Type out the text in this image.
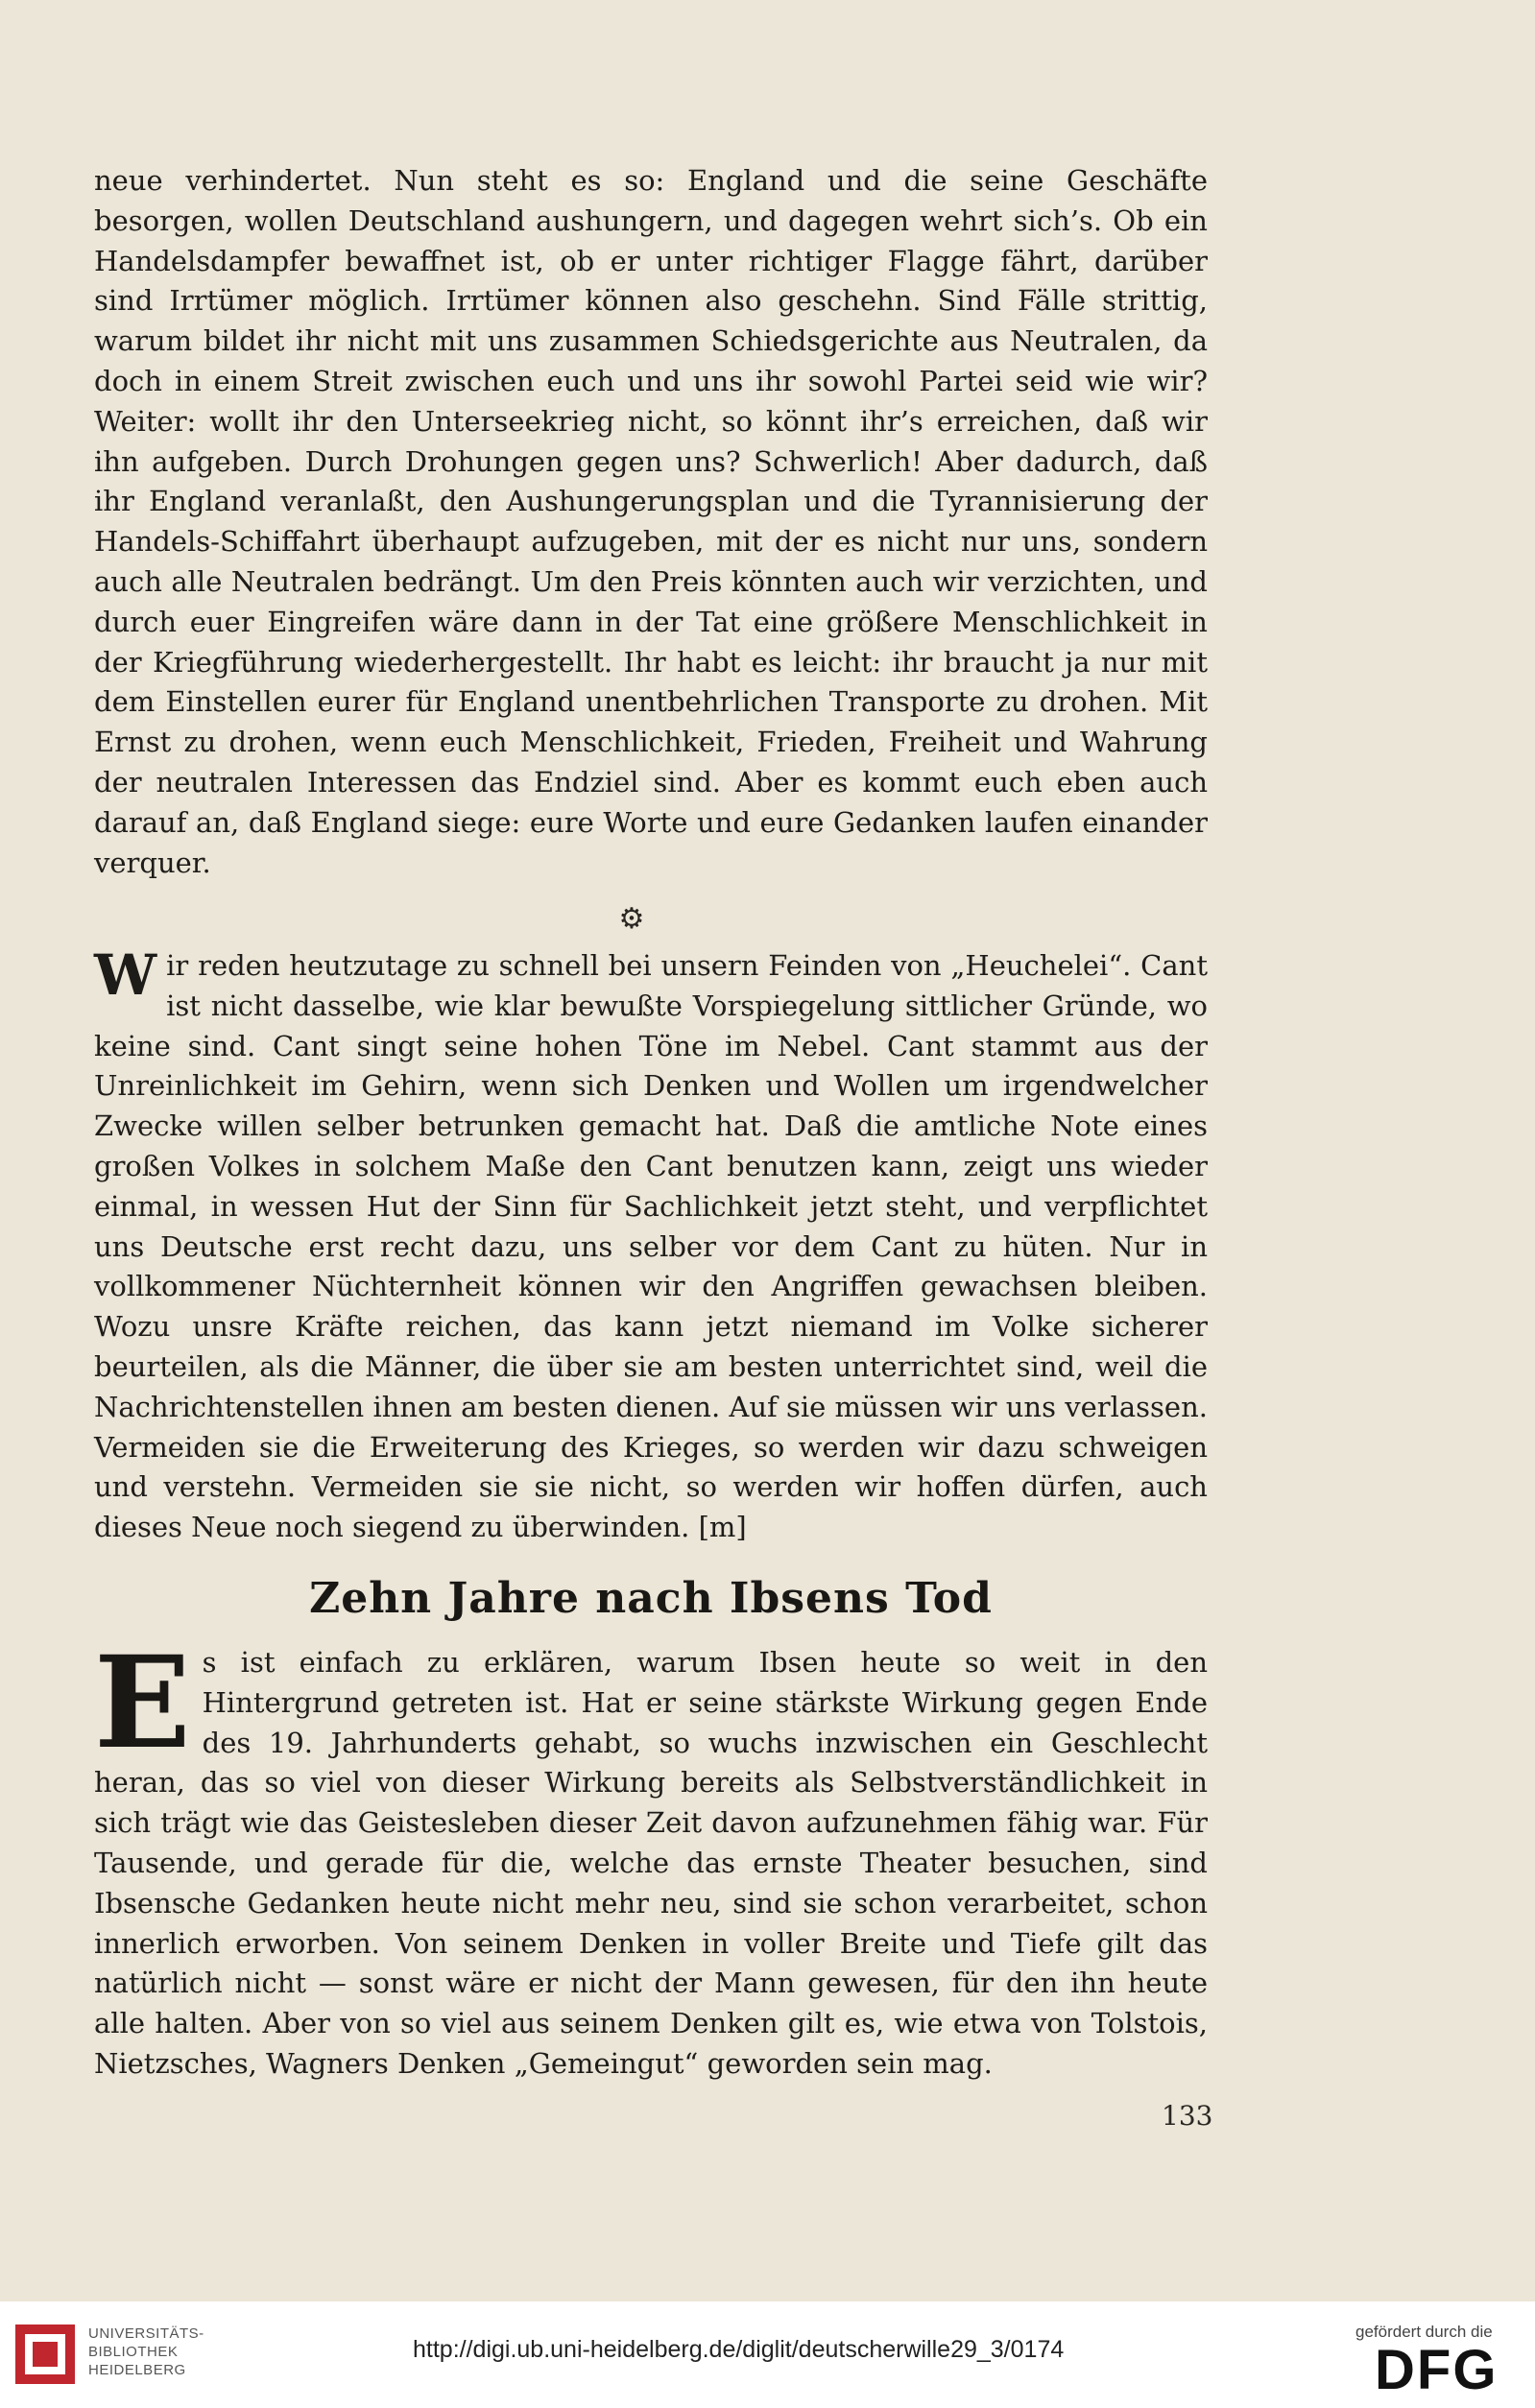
neue verhindertet. Nun steht es so: England und die seine Geschäfte besorgen, wollen Deutschland aushungern, und dagegen wehrt sich’s. Ob ein Handelsdampfer bewaffnet ist, ob er unter richtiger Flagge fährt, darüber sind Irrtümer möglich. Irrtümer können also geschehn. Sind Fälle strittig, warum bildet ihr nicht mit uns zusammen Schiedsgerichte aus Neutralen, da doch in einem Streit zwischen euch und uns ihr sowohl Partei seid wie wir? Weiter: wollt ihr den Unterseekrieg nicht, so könnt ihr’s erreichen, daß wir ihn aufgeben. Durch Drohungen gegen uns? Schwerlich! Aber dadurch, daß ihr England veranlaßt, den Aushungerungsplan und die Tyrannisierung der Handels-Schiffahrt überhaupt aufzugeben, mit der es nicht nur uns, sondern auch alle Neutralen bedrängt. Um den Preis könnten auch wir verzichten, und durch euer Eingreifen wäre dann in der Tat eine größere Menschlichkeit in der Kriegführung wiederhergestellt. Ihr habt es leicht: ihr braucht ja nur mit dem Einstellen eurer für England unentbehrlichen Transporte zu drohen. Mit Ernst zu drohen, wenn euch Menschlichkeit, Frieden, Freiheit und Wahrung der neutralen Interessen das Endziel sind. Aber es kommt euch eben auch darauf an, daß England siege: eure Worte und eure Gedanken laufen einander verquer.

⚙

Wir reden heutzutage zu schnell bei unsern Feinden von „Heuchelei“. Cant ist nicht dasselbe, wie klar bewußte Vorspiegelung sittlicher Gründe, wo keine sind. Cant singt seine hohen Töne im Nebel. Cant stammt aus der Unreinlichkeit im Gehirn, wenn sich Denken und Wollen um irgendwelcher Zwecke willen selber betrunken gemacht hat. Daß die amtliche Note eines großen Volkes in solchem Maße den Cant benutzen kann, zeigt uns wieder einmal, in wessen Hut der Sinn für Sachlichkeit jetzt steht, und verpflichtet uns Deutsche erst recht dazu, uns selber vor dem Cant zu hüten. Nur in vollkommener Nüchternheit können wir den Angriffen gewachsen bleiben. Wozu unsre Kräfte reichen, das kann jetzt niemand im Volke sicherer beurteilen, als die Männer, die über sie am besten unterrichtet sind, weil die Nachrichtenstellen ihnen am besten dienen. Auf sie müssen wir uns verlassen. Vermeiden sie die Erweiterung des Krieges, so werden wir dazu schweigen und verstehn. Vermeiden sie sie nicht, so werden wir hoffen dürfen, auch dieses Neue noch siegend zu überwinden. [m]

Zehn Jahre nach Ibsens Tod

Es ist einfach zu erklären, warum Ibsen heute so weit in den Hintergrund getreten ist. Hat er seine stärkste Wirkung gegen Ende des 19. Jahrhunderts gehabt, so wuchs inzwischen ein Geschlecht heran, das so viel von dieser Wirkung bereits als Selbstverständlichkeit in sich trägt wie das Geistesleben dieser Zeit davon aufzunehmen fähig war. Für Tausende, und gerade für die, welche das ernste Theater besuchen, sind Ibsensche Gedanken heute nicht mehr neu, sind sie schon verarbeitet, schon innerlich erworben. Von seinem Denken in voller Breite und Tiefe gilt das natürlich nicht — sonst wäre er nicht der Mann gewesen, für den ihn heute alle halten. Aber von so viel aus seinem Denken gilt es, wie etwa von Tolstois, Nietzsches, Wagners Denken „Gemeingut“ geworden sein mag.

133
UNIVERSITÄTS-
BIBLIOTHEK
HEIDELBERG
http://digi.ub.uni-heidelberg.de/diglit/deutscherwille29_3/0174
gefördert durch die
DFG
